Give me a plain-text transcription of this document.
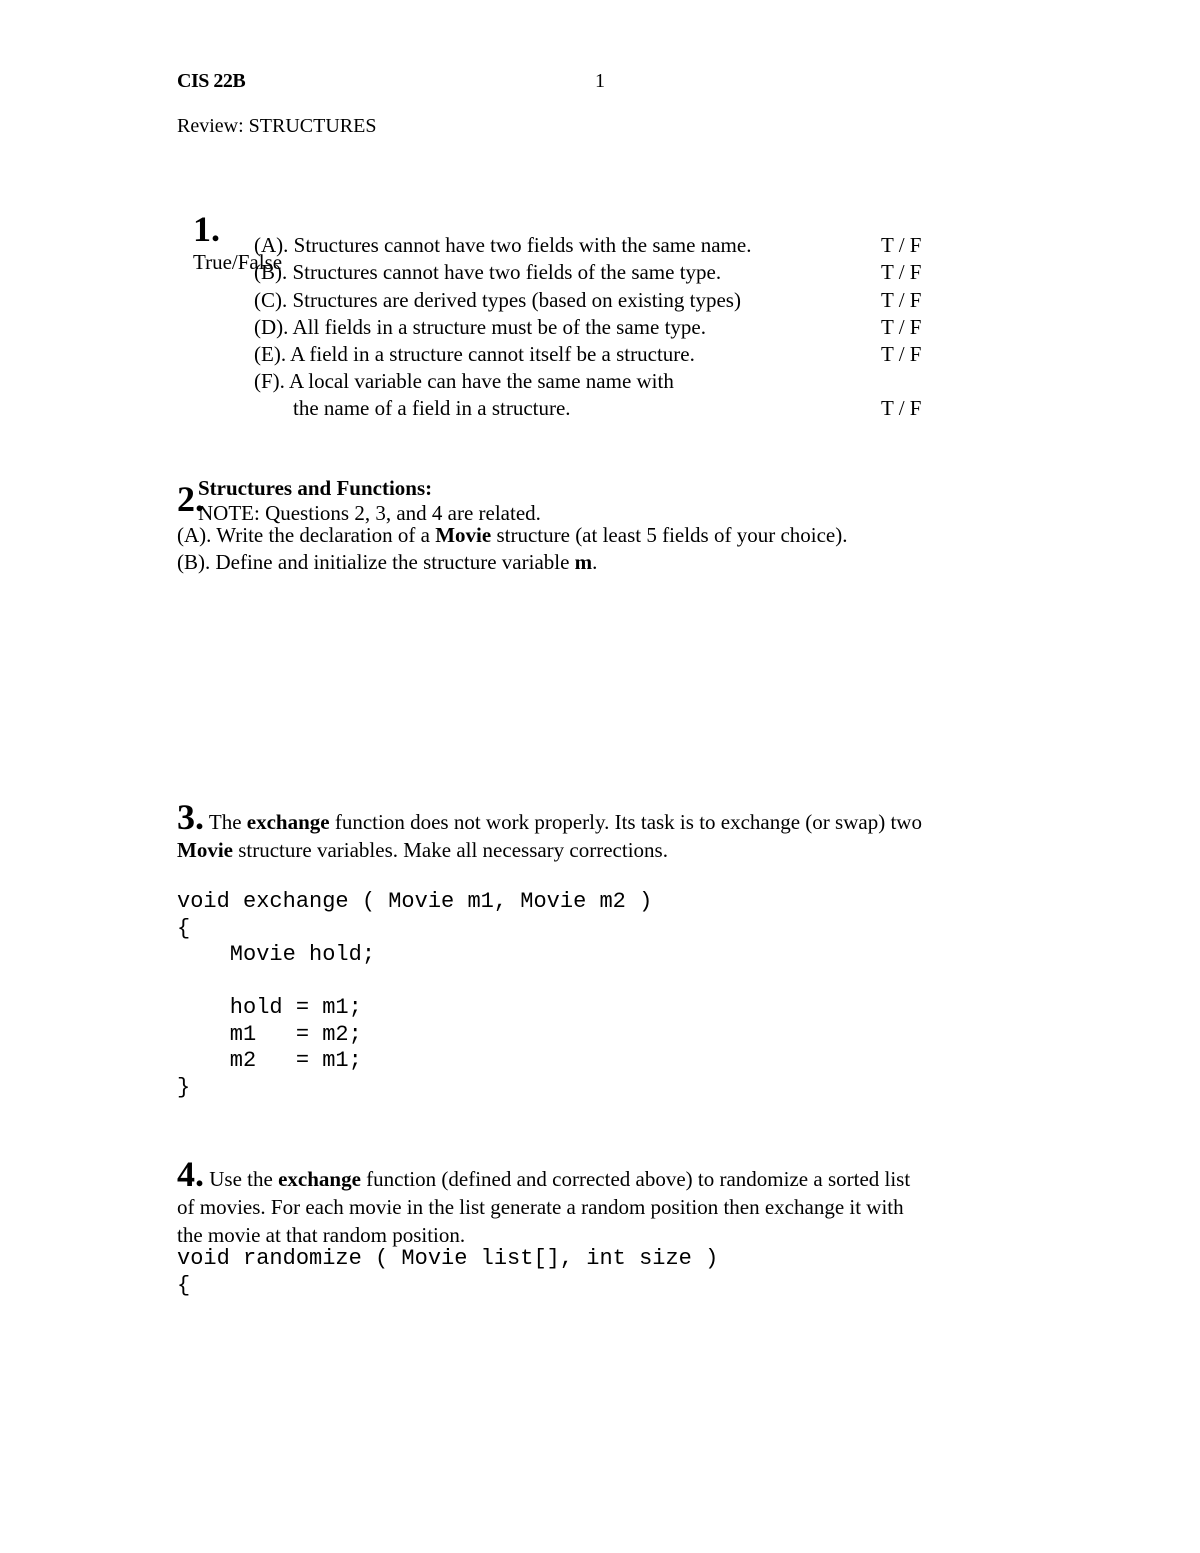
CIS 22B	1
Review: STRUCTURES

1.
True/False

(A). Structures cannot have two fields with the same name.	T / F
(B). Structures cannot have two fields of the same type.	T / F
(C). Structures are derived types (based on existing types)	T / F
(D). All fields in a structure must be of the same type.	T / F
(E). A field in a structure cannot itself be a structure.	T / F
(F). A local variable can have the same name with
the name of a field in a structure.	T / F

Structures and Functions:
NOTE: Questions 2, 3, and 4 are related.

2.
(A). Write the declaration of a Movie structure (at least 5 fields of your choice).
(B). Define and initialize the structure variable m.
3. The exchange function does not work properly. Its task is to exchange (or swap) two
Movie structure variables. Make all necessary corrections.
void exchange ( Movie m1, Movie m2 )
{
Movie hold;
hold = m1;
m1   = m2;
m2   = m1;
}
4. Use the exchange function (defined and corrected above) to randomize a sorted list
of movies. For each movie in the list generate a random position then exchange it with
the movie at that random position.
void randomize ( Movie list[], int size )
{
